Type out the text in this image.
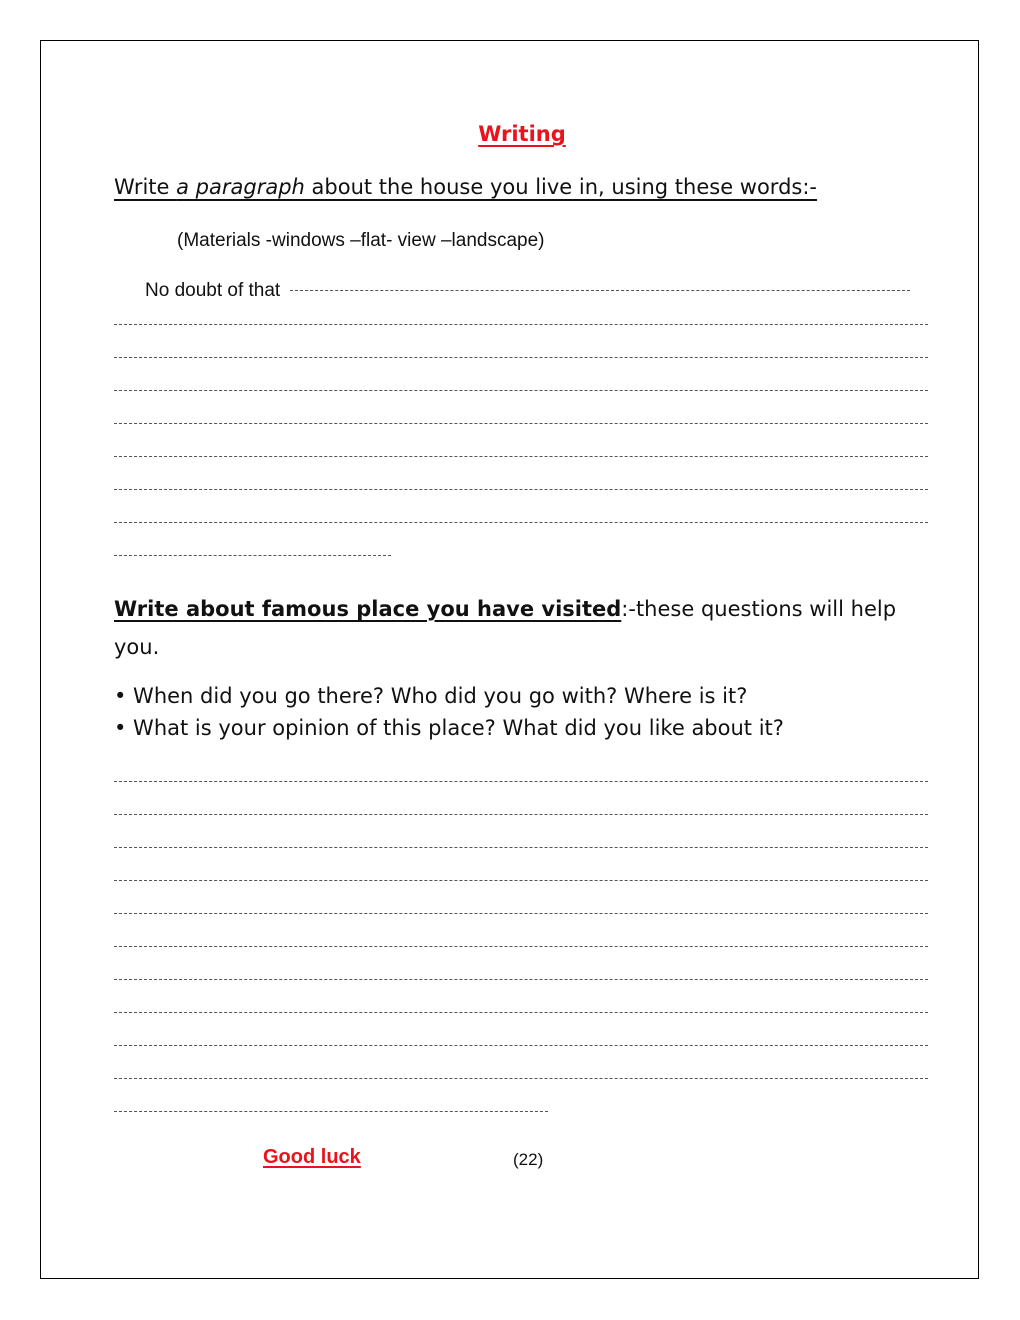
Writing
Write a paragraph about the house you live in, using these words:-
(Materials -windows –flat- view –landscape)
No doubt of that
Write about famous place you have visited:-these questions will help you.
• When did you go there? Who did you go with? Where is it?
• What is your opinion of this place? What did you like about it?
Good luck	(22)
